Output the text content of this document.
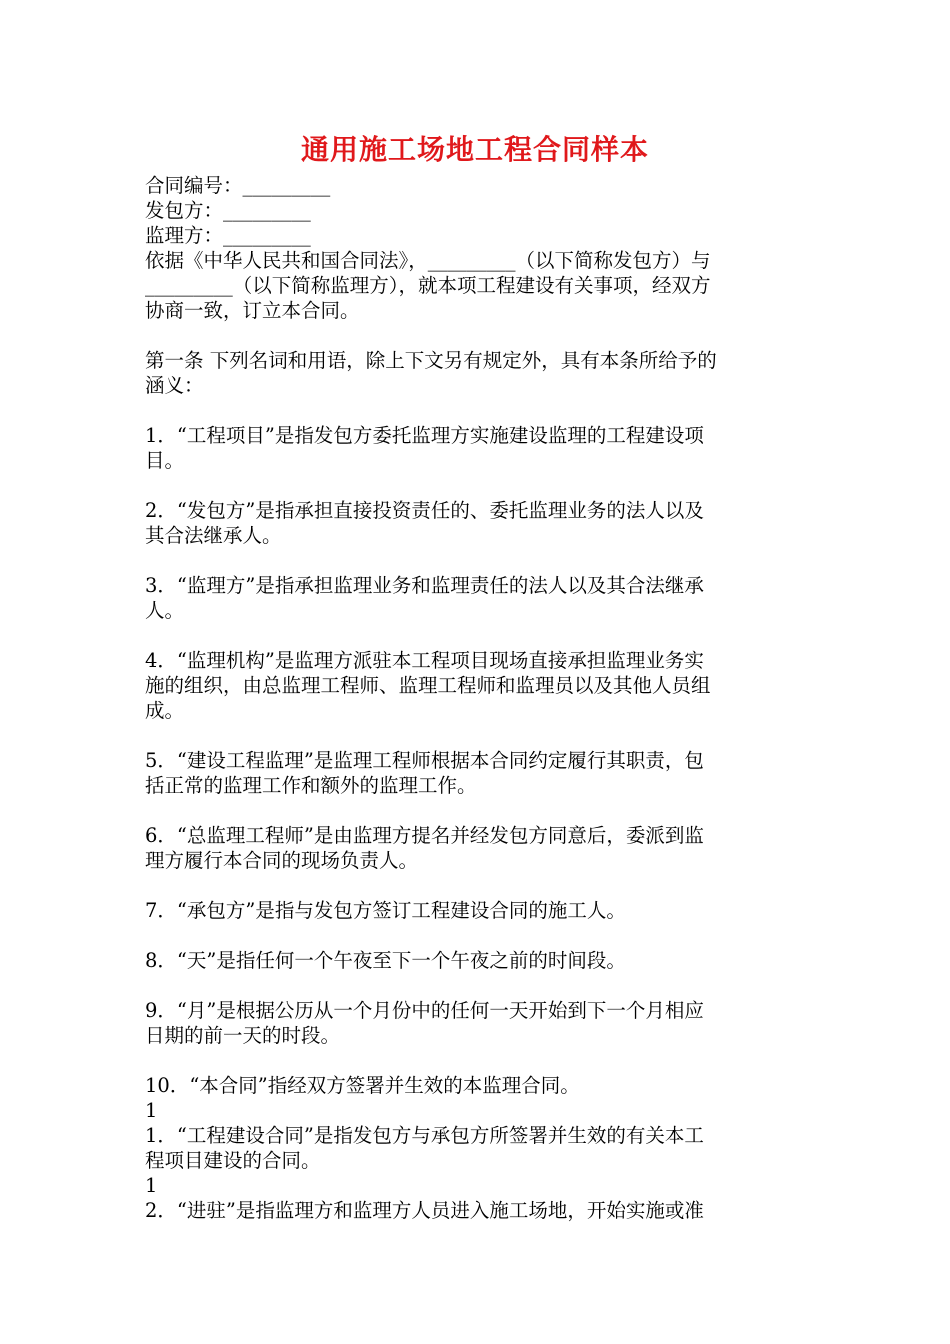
通用施工场地工程合同样本
合同编号：_________
发包方：_________
监理方：_________
依据《中华人民共和国合同法》，_________（以下简称发包方）与
_________（以下简称监理方），就本项工程建设有关事项，经双方
协商一致，订立本合同。
第一条 下列名词和用语，除上下文另有规定外，具有本条所给予的
涵义：
1．“工程项目”是指发包方委托监理方实施建设监理的工程建设项
目。
2．“发包方”是指承担直接投资责任的、委托监理业务的法人以及
其合法继承人。
3．“监理方”是指承担监理业务和监理责任的法人以及其合法继承
人。
4．“监理机构”是监理方派驻本工程项目现场直接承担监理业务实
施的组织，由总监理工程师、监理工程师和监理员以及其他人员组
成。
5．“建设工程监理”是监理工程师根据本合同约定履行其职责，包
括正常的监理工作和额外的监理工作。
6．“总监理工程师”是由监理方提名并经发包方同意后，委派到监
理方履行本合同的现场负责人。
7．“承包方”是指与发包方签订工程建设合同的施工人。
8．“天”是指任何一个午夜至下一个午夜之前的时间段。
9．“月”是根据公历从一个月份中的任何一天开始到下一个月相应
日期的前一天的时段。
10．“本合同”指经双方签署并生效的本监理合同。
1
1．“工程建设合同”是指发包方与承包方所签署并生效的有关本工
程项目建设的合同。
1
2．“进驻”是指监理方和监理方人员进入施工场地，开始实施或准
